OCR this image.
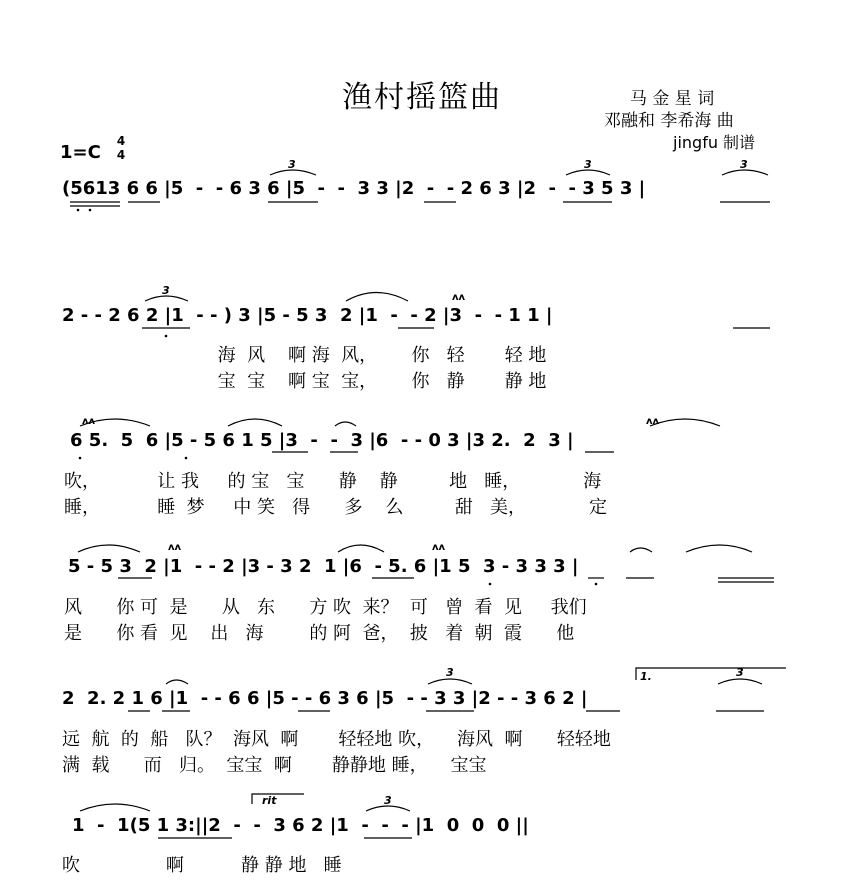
渔村摇篮曲	马 金 星 词
邓融和 李希海 曲
jingfu 制谱
1=C
4
4
(5613 6 6 |5  -  - 6 3 6 |5  -  -  3 3 |2  -  - 2 6 3 |2  -  - 3 5 3 |
2 - - 2 6 2 |1  - - ) 3 |5 - 5 3  2 |1  -  - 2 |3  -  - 1 1 |
海  风    啊 海  风，      你   轻       轻 地
宝  宝    啊 宝  宝，      你   静       静 地
6 5.  5  6 |5 - 5 6 1 5 |3  -  -  3 |6  - - 0 3 |3 2.  2  3 |
吹，          让 我     的 宝   宝      静    静         地   睡，           海
睡，          睡  梦     中 笑   得      多    么         甜   美，           定
5 - 5 3  2 |1  - - 2 |3 - 3 2  1 |6  - 5. 6 |1 5  3 - 3 3 3 |
风      你 可  是      从   东      方 吹  来？  可   曾  看  见     我们
是      你 看  见    出   海        的 阿  爸，  披   着  朝  霞      他
2  2. 2 1 6 |1  - - 6 6 |5 - - 6 3 6 |5  - - 3 3 |2 - - 3 6 2 |
远  航  的  船   队？  海风  啊       轻轻地 吹，    海风  啊      轻轻地
满  载      而   归。  宝宝  啊       静静地 睡，    宝宝
1  -  1(5 1 3:||2  -  -  3 6 2 |1  -  -  - |1  0  0  0 ||
吹               啊          静 静 地   睡
3	3	3
3
3	3
3
1.
rit
ʌʌ
ʌʌ	ʌʌ
ʌʌ	ʌʌ
